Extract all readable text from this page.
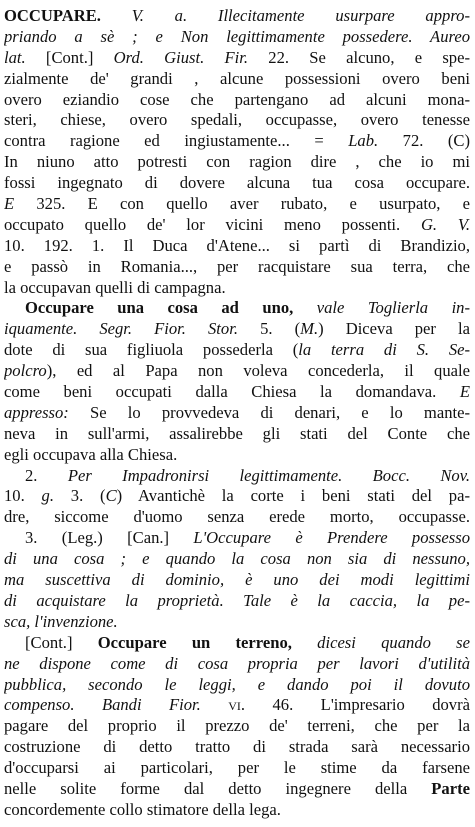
OCCUPARE. V. a. Illecitamente usurpare appro-
priando a sè ; e Non legittimamente possedere. Aureo
lat. [Cont.] Ord. Giust. Fir. 22. Se alcuno, e spe-
zialmente de' grandi , alcune possessioni overo beni
overo eziandio cose che partengano ad alcuni mona-
steri, chiese, overo spedali, occupasse, overo tenesse
contra ragione ed ingiustamente... = Lab. 72. (C)
In niuno atto potresti con ragion dire , che io mi
fossi ingegnato di dovere alcuna tua cosa occupare.
E 325. E con quello aver rubato, e usurpato, e
occupato quello de' lor vicini meno possenti. G. V.
10. 192. 1. Il Duca d'Atene... si partì di Brandizio,
e passò in Romania..., per racquistare sua terra, che
la occupavan quelli di campagna.
Occupare una cosa ad uno, vale Toglierla in-
iquamente. Segr. Fior. Stor. 5. (M.) Diceva per la
dote di sua figliuola possederla (la terra di S. Se-
polcro), ed al Papa non voleva concederla, il quale
come beni occupati dalla Chiesa la domandava. E
appresso: Se lo provvedeva di denari, e lo mante-
neva in sull'armi, assalirebbe gli stati del Conte che
egli occupava alla Chiesa.
2. Per Impadronirsi legittimamente. Bocc. Nov.
10. g. 3. (C) Avantichè la corte i beni stati del pa-
dre, siccome d'uomo senza erede morto, occupasse.
3. (Leg.) [Can.] L'Occupare è Prendere possesso
di una cosa ; e quando la cosa non sia di nessuno,
ma suscettiva di dominio, è uno dei modi legittimi
di acquistare la proprietà. Tale è la caccia, la pe-
sca, l'invenzione.
[Cont.] Occupare un terreno, dicesi quando se
ne dispone come di cosa propria per lavori d'utilità
pubblica, secondo le leggi, e dando poi il dovuto
compenso. Bandi Fior. vi. 46. L'impresario dovrà
pagare del proprio il prezzo de' terreni, che per la
costruzione di detto tratto di strada sarà necessario
d'occuparsi ai particolari, per le stime da farsene
nelle solite forme dal detto ingegnere della Parte
concordemente collo stimatore della lega.
